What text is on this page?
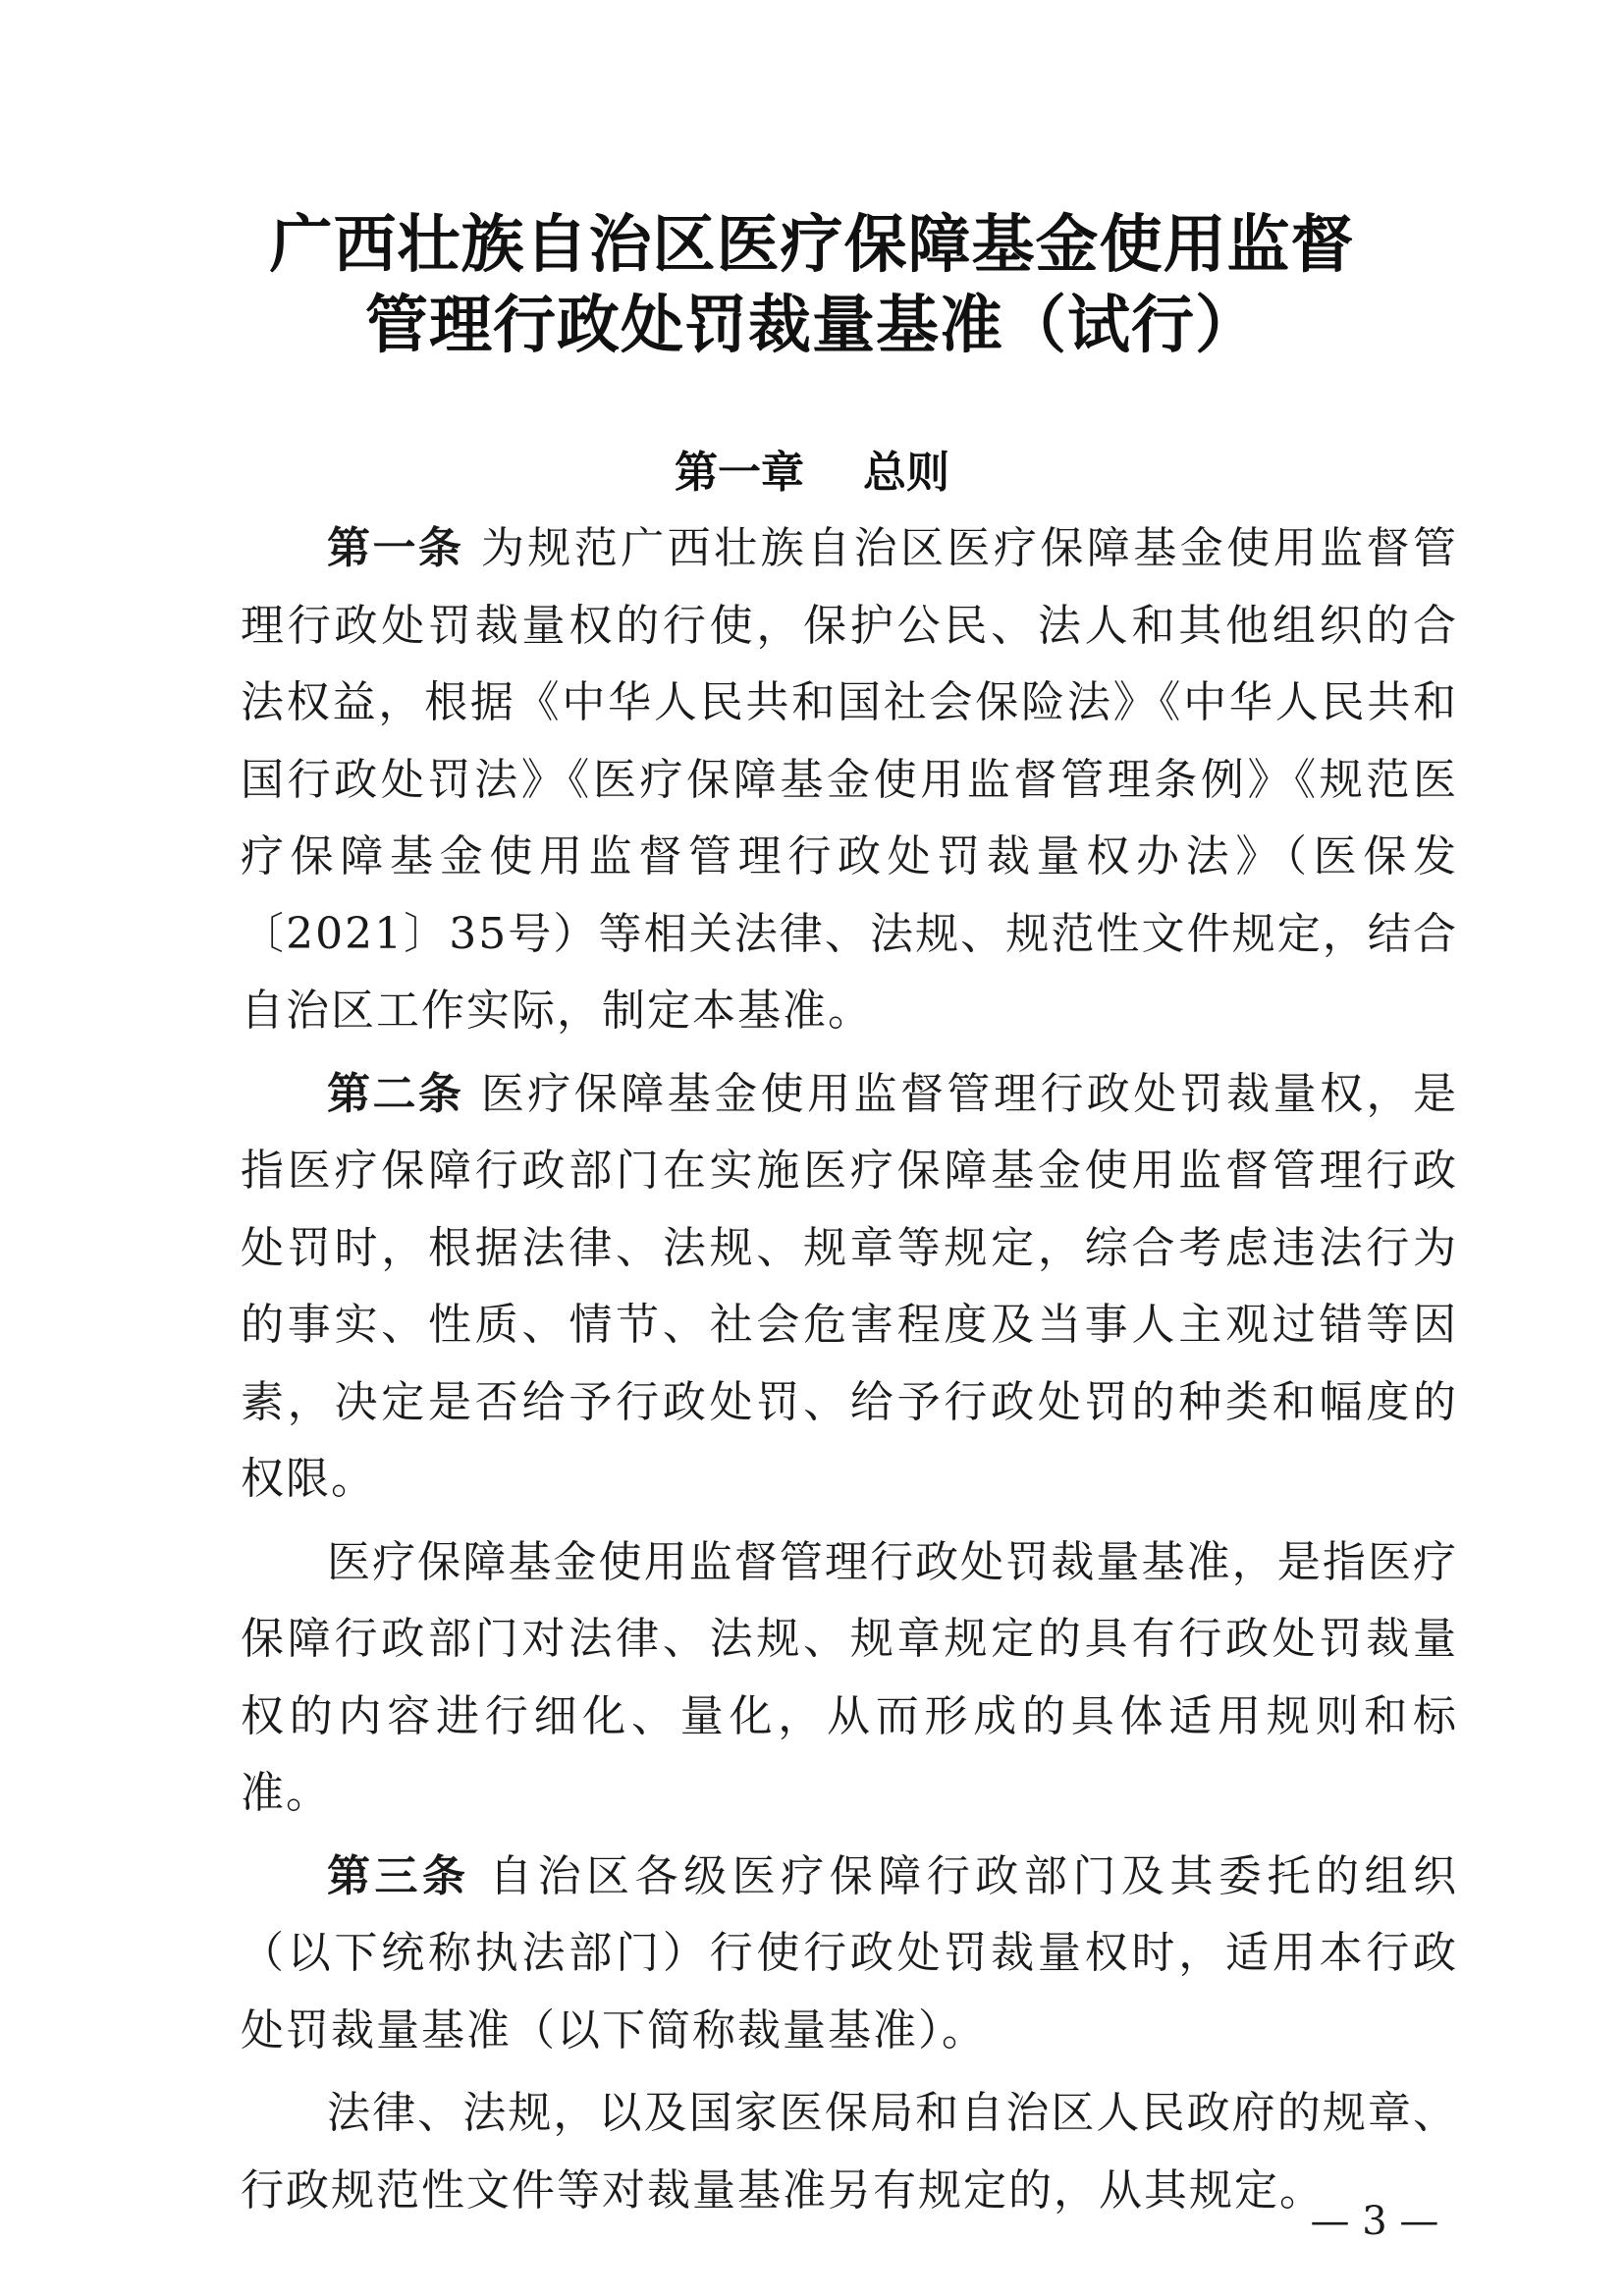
广西壮族自治区医疗保障基金使用监督
管理行政处罚裁量基准（试行）
第一章 总则

第一条 为规范广西壮族自治区医疗保障基金使用监督管理行政处罚裁量权的行使，保护公民、法人和其他组织的合法权益，根据《中华人民共和国社会保险法》《中华人民共和国行政处罚法》《医疗保障基金使用监督管理条例》《规范医疗保障基金使用监督管理行政处罚裁量权办法》（医保发〔2021〕35号）等相关法律、法规、规范性文件规定，结合自治区工作实际，制定本基准。

第二条 医疗保障基金使用监督管理行政处罚裁量权，是指医疗保障行政部门在实施医疗保障基金使用监督管理行政处罚时，根据法律、法规、规章等规定，综合考虑违法行为的事实、性质、情节、社会危害程度及当事人主观过错等因素，决定是否给予行政处罚、给予行政处罚的种类和幅度的权限。

医疗保障基金使用监督管理行政处罚裁量基准，是指医疗保障行政部门对法律、法规、规章规定的具有行政处罚裁量权的内容进行细化、量化，从而形成的具体适用规则和标准。

第三条 自治区各级医疗保障行政部门及其委托的组织（以下统称执法部门）行使行政处罚裁量权时，适用本行政处罚裁量基准（以下简称裁量基准）。

法律、法规，以及国家医保局和自治区人民政府的规章、行政规范性文件等对裁量基准另有规定的，从其规定。

— 3 —
